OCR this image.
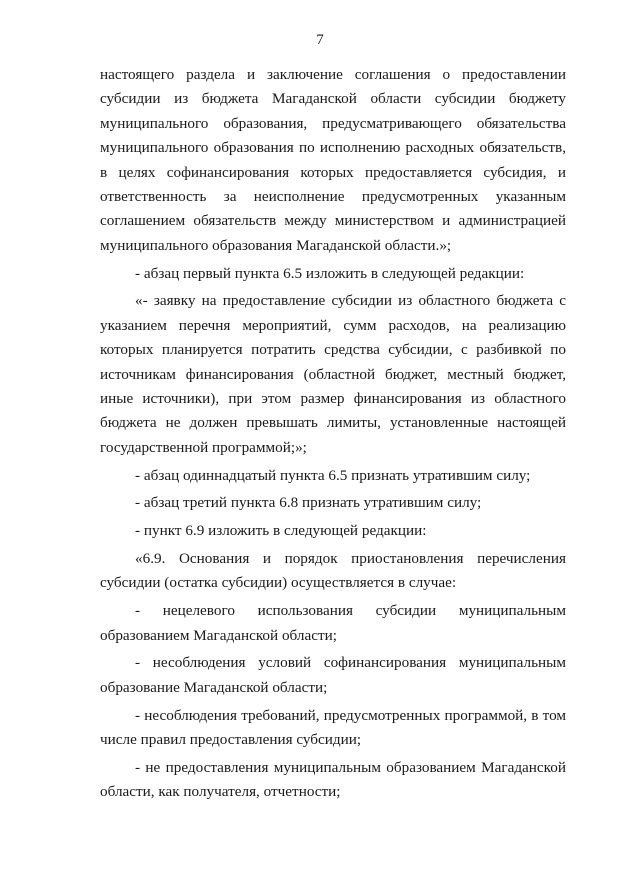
7

настоящего раздела и заключение соглашения о предоставлении субсидии из бюджета Магаданской области субсидии бюджету муниципального образования, предусматривающего обязательства муниципального образования по исполнению расходных обязательств, в целях софинансирования которых предоставляется субсидия, и ответственность за неисполнение предусмотренных указанным соглашением обязательств между министерством и администрацией муниципального образования Магаданской области.»;

- абзац первый пункта 6.5 изложить в следующей редакции:

«- заявку на предоставление субсидии из областного бюджета с указанием перечня мероприятий, сумм расходов, на реализацию которых планируется потратить средства субсидии, с разбивкой по источникам финансирования (областной бюджет, местный бюджет, иные источники), при этом размер финансирования из областного бюджета не должен превышать лимиты, установленные настоящей государственной программой;»;

- абзац одиннадцатый пункта 6.5 признать утратившим силу;

- абзац третий пункта 6.8 признать утратившим силу;

- пункт 6.9 изложить в следующей редакции:

«6.9. Основания и порядок приостановления перечисления субсидии (остатка субсидии) осуществляется в случае:

- нецелевого использования субсидии муниципальным образованием Магаданской области;

- несоблюдения условий софинансирования муниципальным образование Магаданской области;

- несоблюдения требований, предусмотренных программой, в том числе правил предоставления субсидии;

- не предоставления муниципальным образованием Магаданской области, как получателя, отчетности;
